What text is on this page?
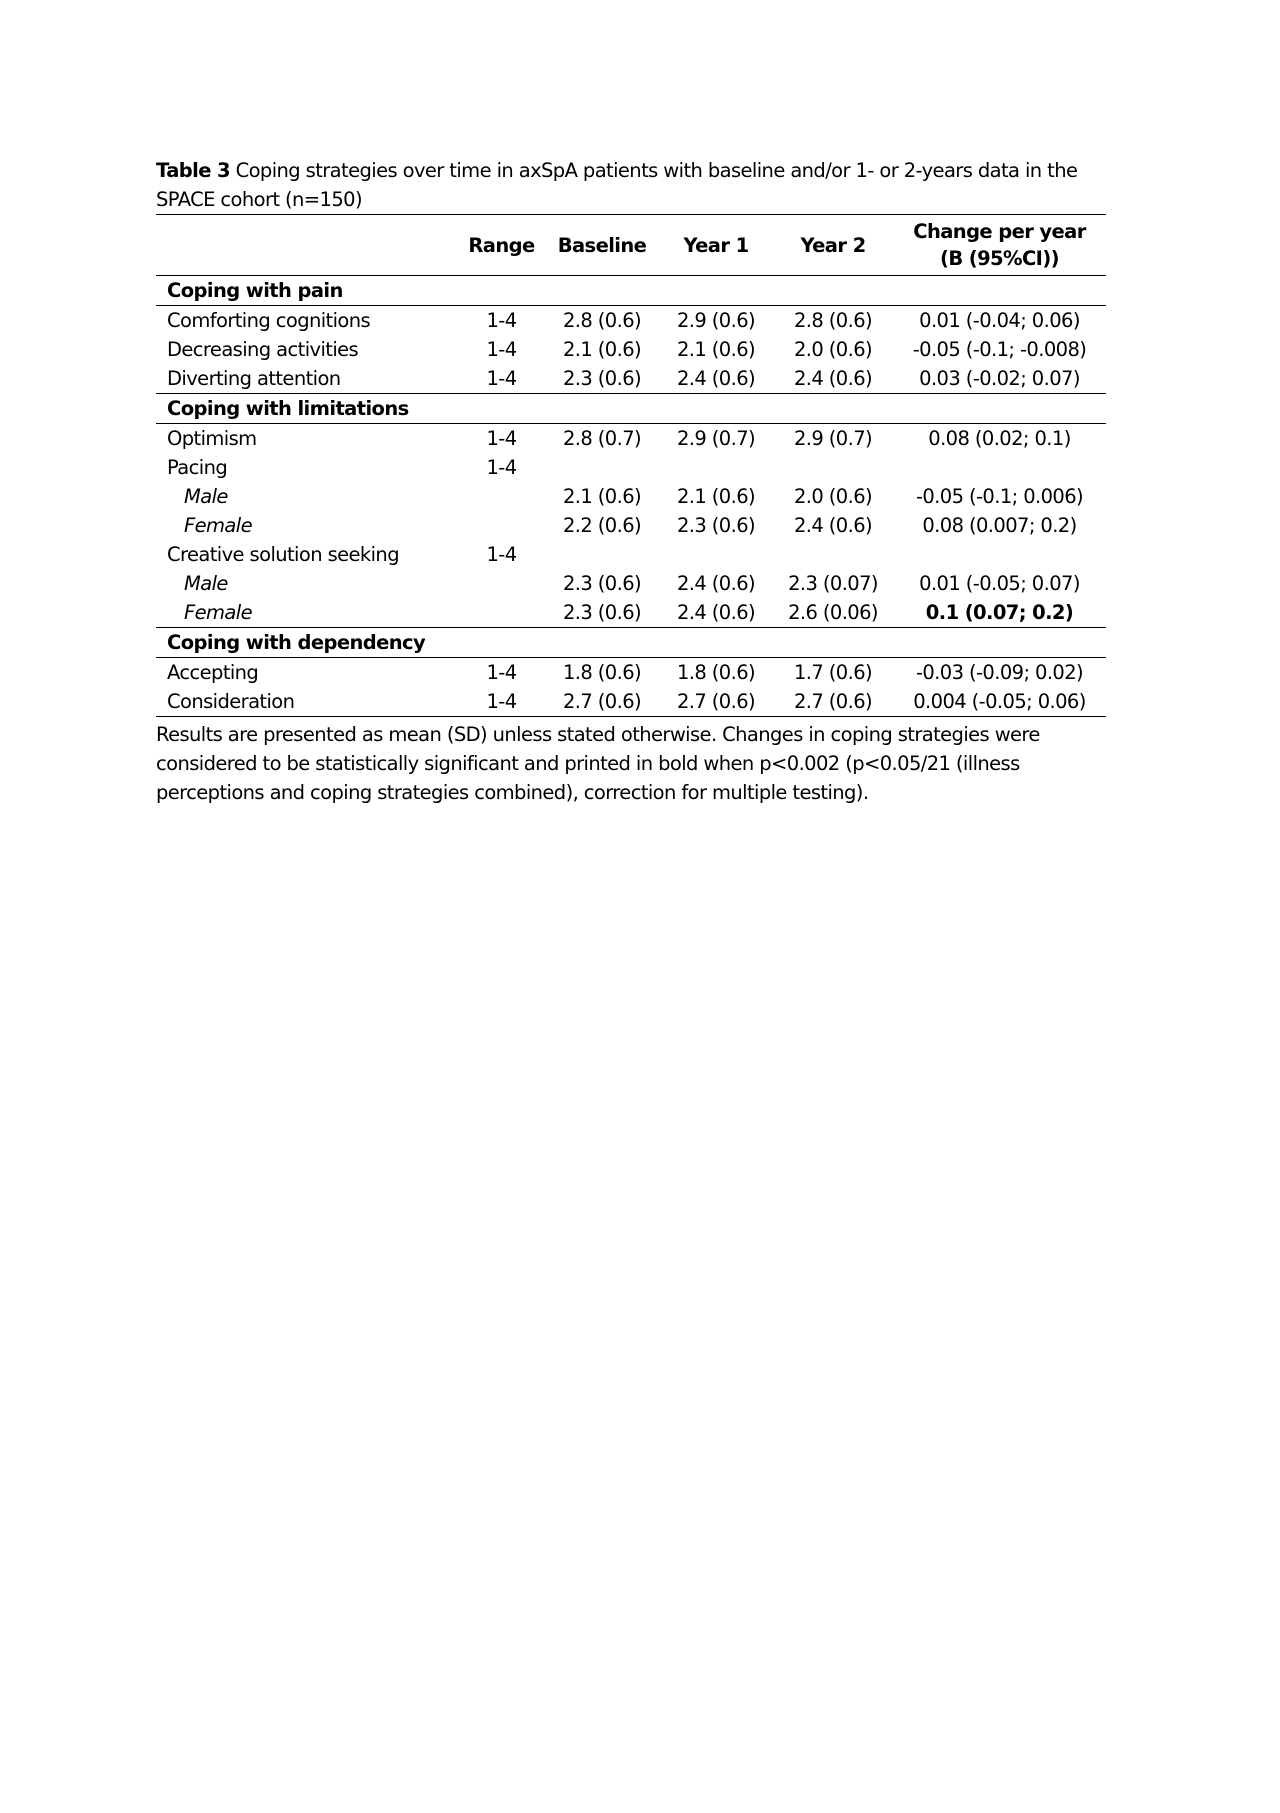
Table 3 Coping strategies over time in axSpA patients with baseline and/or 1- or 2-years data in the SPACE cohort (n=150)

	Range	Baseline	Year 1	Year 2	Change per year
(B (95%CI))
Coping with pain					
Comforting cognitions	1-4	2.8 (0.6)	2.9 (0.6)	2.8 (0.6)	0.01 (-0.04; 0.06)
Decreasing activities	1-4	2.1 (0.6)	2.1 (0.6)	2.0 (0.6)	-0.05 (-0.1; -0.008)
Diverting attention	1-4	2.3 (0.6)	2.4 (0.6)	2.4 (0.6)	0.03 (-0.02; 0.07)
Coping with limitations					
Optimism	1-4	2.8 (0.7)	2.9 (0.7)	2.9 (0.7)	0.08 (0.02; 0.1)
Pacing	1-4				
Male		2.1 (0.6)	2.1 (0.6)	2.0 (0.6)	-0.05 (-0.1; 0.006)
Female		2.2 (0.6)	2.3 (0.6)	2.4 (0.6)	0.08 (0.007; 0.2)
Creative solution seeking	1-4				
Male		2.3 (0.6)	2.4 (0.6)	2.3 (0.07)	0.01 (-0.05; 0.07)
Female		2.3 (0.6)	2.4 (0.6)	2.6 (0.06)	0.1 (0.07; 0.2)
Coping with dependency					
Accepting	1-4	1.8 (0.6)	1.8 (0.6)	1.7 (0.6)	-0.03 (-0.09; 0.02)
Consideration	1-4	2.7 (0.6)	2.7 (0.6)	2.7 (0.6)	0.004 (-0.05; 0.06)

Results are presented as mean (SD) unless stated otherwise. Changes in coping strategies were considered to be statistically significant and printed in bold when p<0.002 (p<0.05/21 (illness perceptions and coping strategies combined), correction for multiple testing).
